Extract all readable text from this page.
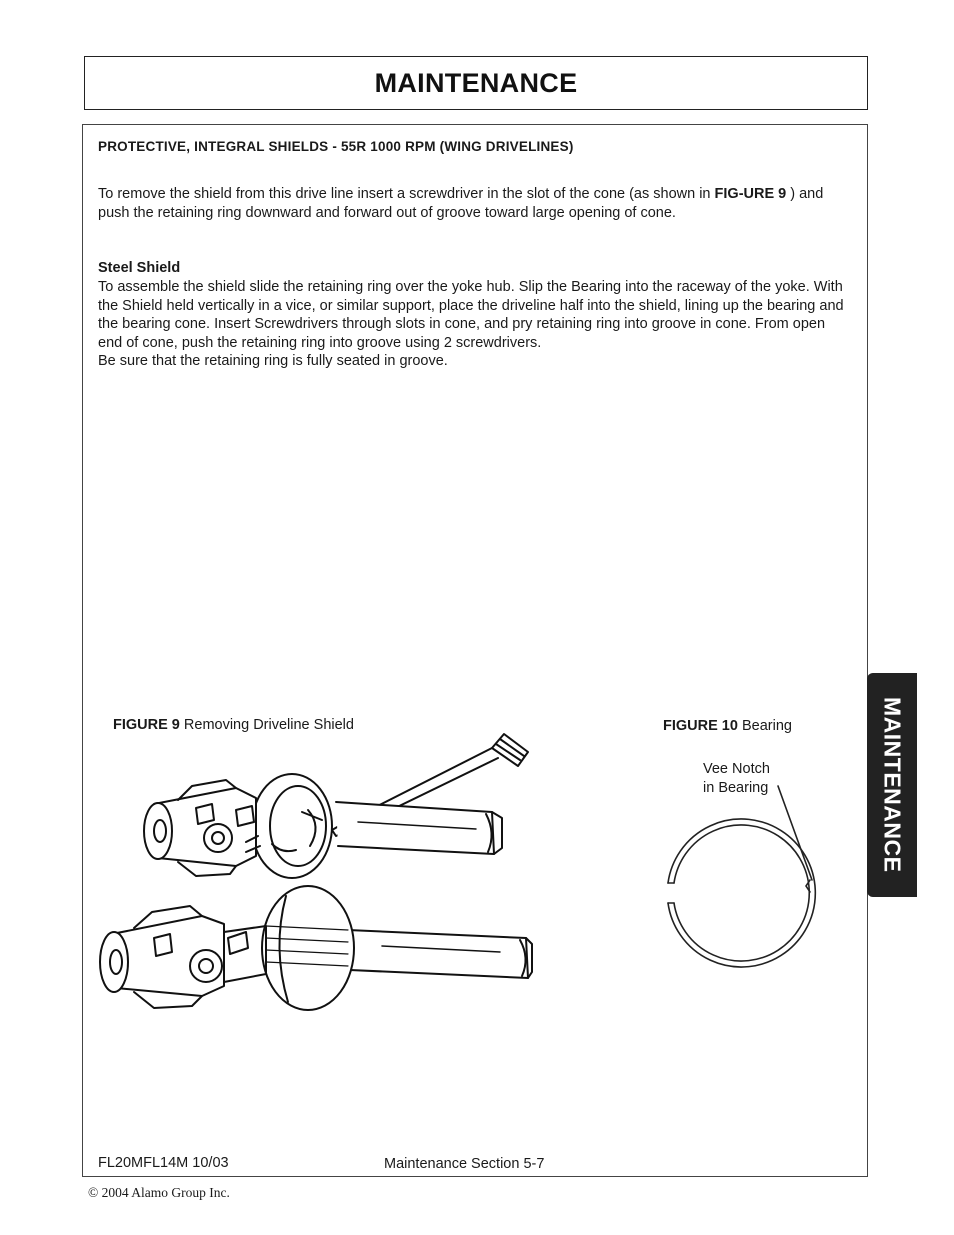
MAINTENANCE
PROTECTIVE, INTEGRAL SHIELDS - 55R 1000 RPM (WING DRIVELINES)
To remove the shield from this drive line insert a screwdriver in the slot of the cone (as shown in FIG-URE 9 ) and push the retaining ring downward and forward out of groove toward large opening of cone.
Steel Shield

To assemble the shield slide the retaining ring over the yoke hub. Slip the Bearing into the raceway of the yoke. With the Shield held vertically in a vice, or similar support, place the driveline half into the shield, lining up the bearing and the bearing cone. Insert Screwdrivers through slots in cone, and pry retaining ring into groove in cone. From open end of cone, push the retaining ring into groove using 2 screwdrivers.

Be sure that the retaining ring is fully seated in groove.

FIGURE 9 Removing Driveline Shield	FIGURE 10 Bearing
Vee Notch
in Bearing	MAINTENANCE
FL20MFL14M 10/03	Maintenance Section 5-7
© 2004 Alamo Group Inc.
